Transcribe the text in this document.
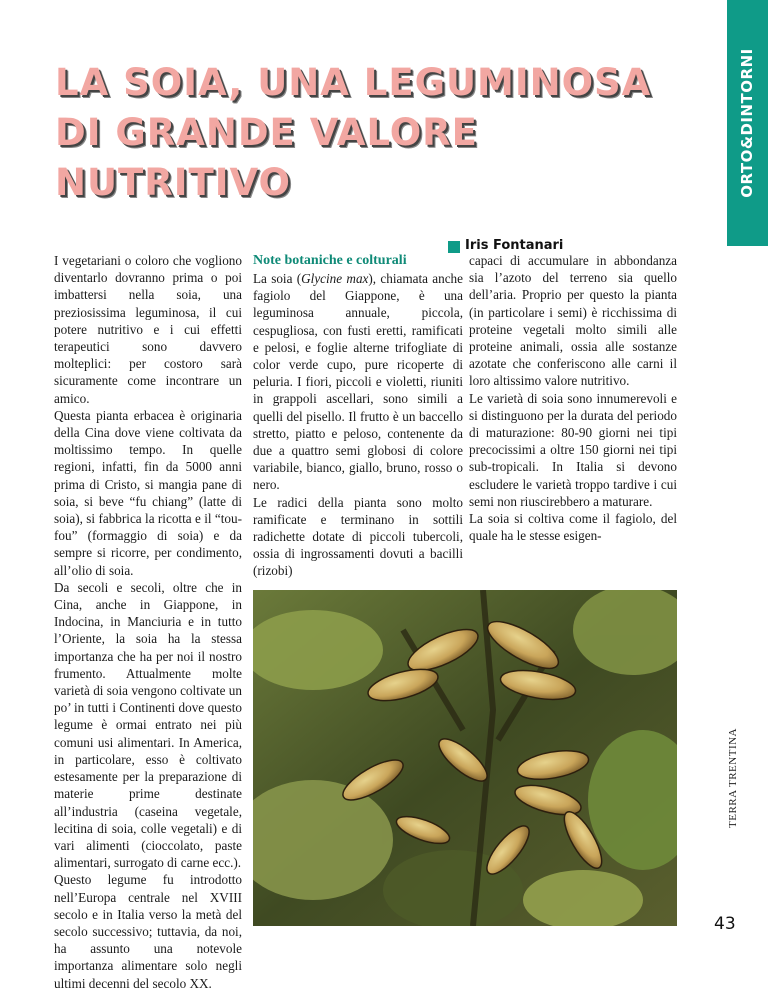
ORTO&DINTORNI
LA SOIA, UNA LEGUMINOSA DI GRANDE VALORE NUTRITIVO
Iris Fontanari

I vegetariani o coloro che vogliono diventarlo dovranno prima o poi imbattersi nella soia, una preziosissima leguminosa, il cui potere nutritivo e i cui effetti terapeutici sono davvero molteplici: per costoro sarà sicuramente come incontrare un amico.

Questa pianta erbacea è originaria della Cina dove viene coltivata da moltissimo tempo. In quelle regioni, infatti, fin da 5000 anni prima di Cristo, si mangia pane di soia, si beve “fu chiang” (latte di soia), si fabbrica la ricotta e il “tou-fou” (formaggio di soia) e da sempre si ricorre, per condimento, all’olio di soia.

Da secoli e secoli, oltre che in Cina, anche in Giappone, in Indocina, in Manciuria e in tutto l’Oriente, la soia ha la stessa importanza che ha per noi il nostro frumento. Attualmente molte varietà di soia vengono coltivate un po’ in tutti i Continenti dove questo legume è ormai entrato nei più comuni usi alimentari. In America, in particolare, esso è coltivato estesamente per la preparazione di materie prime destinate all’industria (caseina vegetale, lecitina di soia, colle vegetali) e di vari alimenti (cioccolato, paste alimentari, surrogato di carne ecc.).

Questo legume fu introdotto nell’Europa centrale nel XVIII secolo e in Italia verso la metà del secolo successivo; tuttavia, da noi, ha assunto una notevole importanza alimentare solo negli ultimi decenni del secolo XX.

Note botaniche e colturali

La soia (Glycine max), chiamata anche fagiolo del Giappone, è una leguminosa annuale, piccola, cespugliosa, con fusti eretti, ramificati e pelosi, e foglie alterne trifogliate di color verde cupo, pure ricoperte di peluria. I fiori, piccoli e violetti, riuniti in grappoli ascellari, sono simili a quelli del pisello. Il frutto è un baccello stretto, piatto e peloso, contenente da due a quattro semi globosi di colore variabile, bianco, giallo, bruno, rosso o nero.

Le radici della pianta sono molto ramificate e terminano in sottili radichette dotate di piccoli tubercoli, ossia di ingrossamenti dovuti a bacilli (rizobi)

capaci di accumulare in abbondanza sia l’azoto del terreno sia quello dell’aria. Proprio per questo la pianta (in particolare i semi) è ricchissima di proteine vegetali molto simili alle proteine animali, ossia alle sostanze azotate che conferiscono alle carni il loro altissimo valore nutritivo.

Le varietà di soia sono innumerevoli e si distinguono per la durata del periodo di maturazione: 80-90 giorni nei tipi precocissimi a oltre 150 giorni nei tipi sub-tropicali. In Italia si devono escludere le varietà troppo tardive i cui semi non riuscirebbero a maturare.

La soia si coltiva come il fagiolo, del quale ha le stesse esigen-

TERRA TRENTINA
43
